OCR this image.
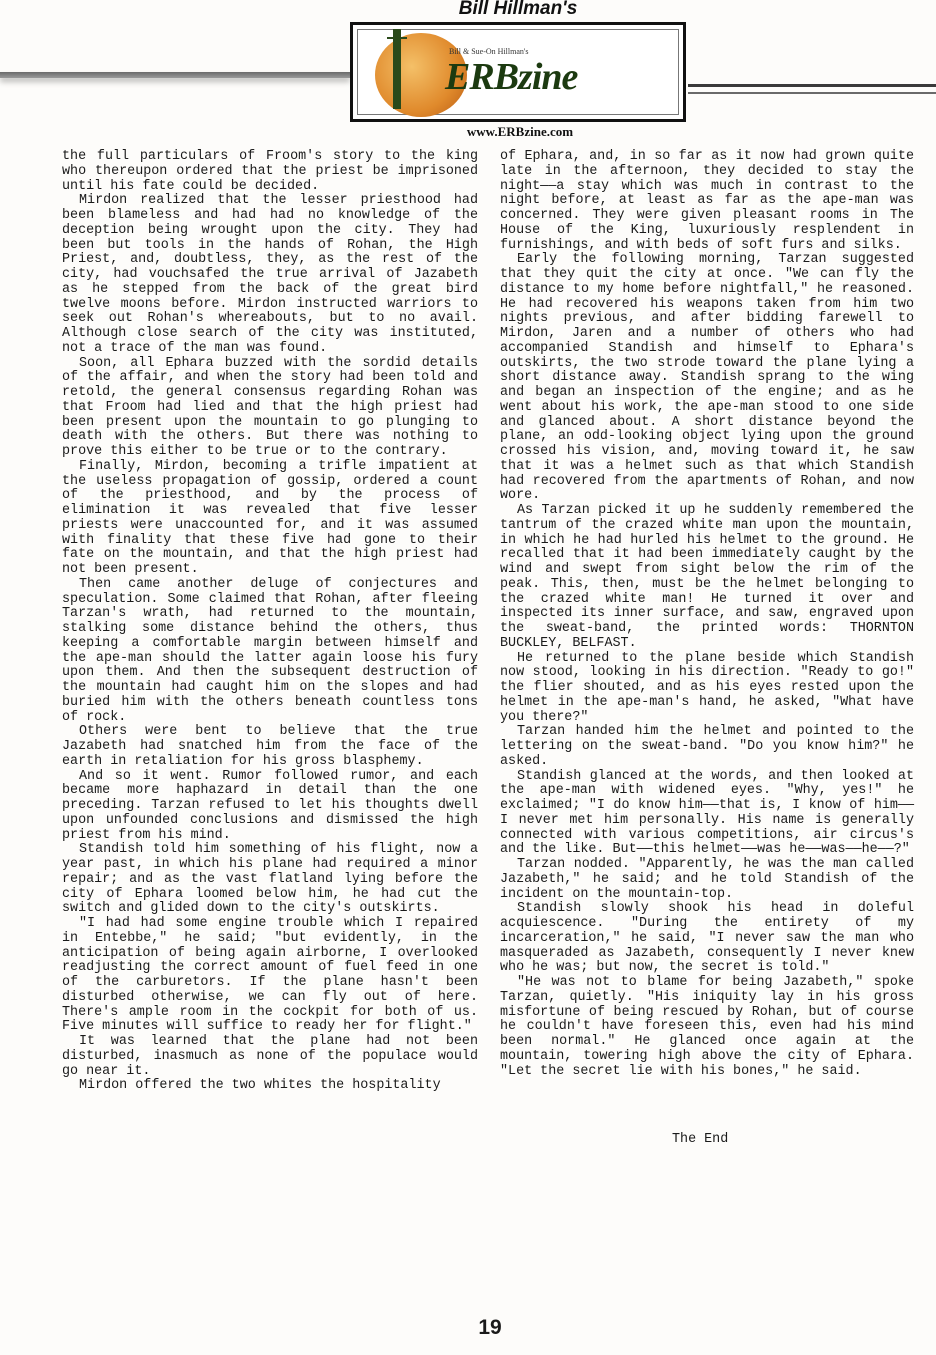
Bill Hillman's
Bill & Sue-On Hillman's
ERBzine
www.ERBzine.com

the full particulars of Froom's story to the king who thereupon ordered that the priest be imprisoned until his fate could be decided.

Mirdon realized that the lesser priesthood had been blameless and had had no knowledge of the deception being wrought upon the city. They had been but tools in the hands of Rohan, the High Priest, and, doubtless, they, as the rest of the city, had vouchsafed the true arrival of Jazabeth as he stepped from the back of the great bird twelve moons before. Mirdon instructed warriors to seek out Rohan's whereabouts, but to no avail. Although close search of the city was instituted, not a trace of the man was found.

Soon, all Ephara buzzed with the sordid details of the affair, and when the story had been told and retold, the general consensus regarding Rohan was that Froom had lied and that the high priest had been present upon the mountain to go plunging to death with the others. But there was nothing to prove this either to be true or to the contrary.

Finally, Mirdon, becoming a trifle impatient at the useless propagation of gossip, ordered a count of the priesthood, and by the process of elimination it was revealed that five lesser priests were unaccounted for, and it was assumed with finality that these five had gone to their fate on the mountain, and that the high priest had not been present.

Then came another deluge of conjectures and speculation. Some claimed that Rohan, after fleeing Tarzan's wrath, had returned to the mountain, stalking some distance behind the others, thus keeping a comfortable margin between himself and the ape-man should the latter again loose his fury upon them. And then the subsequent destruction of the mountain had caught him on the slopes and had buried him with the others beneath countless tons of rock.

Others were bent to believe that the true Jazabeth had snatched him from the face of the earth in retaliation for his gross blasphemy.

And so it went. Rumor followed rumor, and each became more haphazard in detail than the one preceding. Tarzan refused to let his thoughts dwell upon unfounded conclusions and dismissed the high priest from his mind.

Standish told him something of his flight, now a year past, in which his plane had required a minor repair; and as the vast flatland lying before the city of Ephara loomed below him, he had cut the switch and glided down to the city's outskirts.

"I had had some engine trouble which I repaired in Entebbe," he said; "but evidently, in the anticipation of being again airborne, I overlooked readjusting the correct amount of fuel feed in one of the carburetors. If the plane hasn't been disturbed otherwise, we can fly out of here. There's ample room in the cockpit for both of us. Five minutes will suffice to ready her for flight."

It was learned that the plane had not been disturbed, inasmuch as none of the populace would go near it.

Mirdon offered the two whites the hospitality

of Ephara, and, in so far as it now had grown quite late in the afternoon, they decided to stay the night——a stay which was much in contrast to the night before, at least as far as the ape-man was concerned. They were given pleasant rooms in The House of the King, luxuriously resplendent in furnishings, and with beds of soft furs and silks.

Early the following morning, Tarzan suggested that they quit the city at once. "We can fly the distance to my home before nightfall," he reasoned. He had recovered his weapons taken from him two nights previous, and after bidding farewell to Mirdon, Jaren and a number of others who had accompanied Standish and himself to Ephara's outskirts, the two strode toward the plane lying a short distance away. Standish sprang to the wing and began an inspection of the engine; and as he went about his work, the ape-man stood to one side and glanced about. A short distance beyond the plane, an odd-looking object lying upon the ground crossed his vision, and, moving toward it, he saw that it was a helmet such as that which Standish had recovered from the apartments of Rohan, and now wore.

As Tarzan picked it up he suddenly remembered the tantrum of the crazed white man upon the mountain, in which he had hurled his helmet to the ground. He recalled that it had been immediately caught by the wind and swept from sight below the rim of the peak. This, then, must be the helmet belonging to the crazed white man! He turned it over and inspected its inner surface, and saw, engraved upon the sweat-band, the printed words: THORNTON BUCKLEY, BELFAST.

He returned to the plane beside which Standish now stood, looking in his direction. "Ready to go!" the flier shouted, and as his eyes rested upon the helmet in the ape-man's hand, he asked, "What have you there?"

Tarzan handed him the helmet and pointed to the lettering on the sweat-band. "Do you know him?" he asked.

Standish glanced at the words, and then looked at the ape-man with widened eyes. "Why, yes!" he exclaimed; "I do know him——that is, I know of him——I never met him personally. His name is generally connected with various competitions, air circus's and the like. But——this helmet——was he——was——he——?"

Tarzan nodded. "Apparently, he was the man called Jazabeth," he said; and he told Standish of the incident on the mountain-top.

Standish slowly shook his head in doleful acquiescence. "During the entirety of my incarceration," he said, "I never saw the man who masqueraded as Jazabeth, consequently I never knew who he was; but now, the secret is told."

"He was not to blame for being Jazabeth," spoke Tarzan, quietly. "His iniquity lay in his gross misfortune of being rescued by Rohan, but of course he couldn't have foreseen this, even had his mind been normal." He glanced once again at the mountain, towering high above the city of Ephara. "Let the secret lie with his bones," he said.

The End
19
